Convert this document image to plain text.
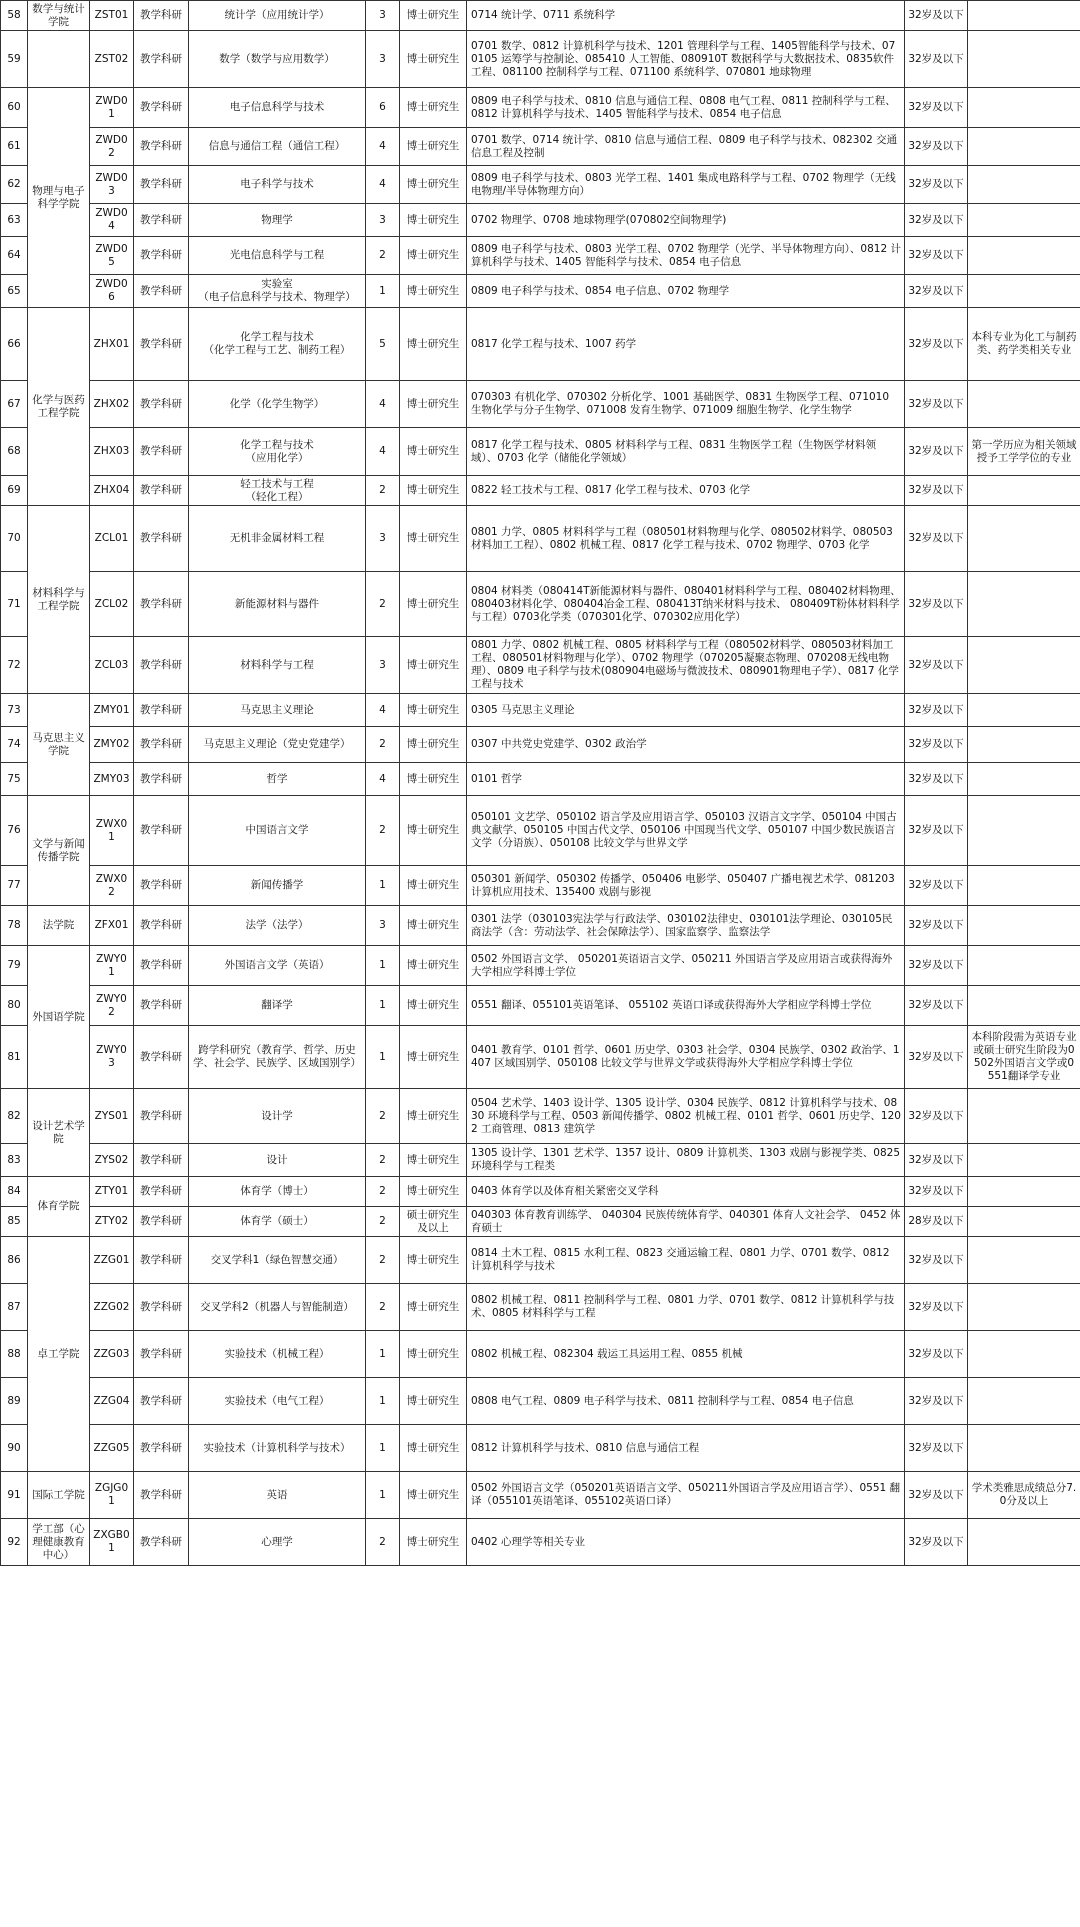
58	数学与统计学院	ZST01	教学科研	统计学（应用统计学）	3	博士研究生	0714 统计学、0711 系统科学	32岁及以下	
59		ZST02	教学科研	数学（数学与应用数学）	3	博士研究生	0701 数学、0812 计算机科学与技术、1201 管理科学与工程、1405智能科学与技术、070105 运筹学与控制论、085410 人工智能、080910T 数据科学与大数据技术、0835软件工程、081100 控制科学与工程、071100 系统科学、070801 地球物理	32岁及以下	
60	物理与电子科学学院	ZWD01	教学科研	电子信息科学与技术	6	博士研究生	0809 电子科学与技术、0810 信息与通信工程、0808 电气工程、0811 控制科学与工程、0812 计算机科学与技术、1405 智能科学与技术、0854 电子信息	32岁及以下	
61		ZWD02	教学科研	信息与通信工程（通信工程）	4	博士研究生	0701 数学、0714 统计学、0810 信息与通信工程、0809 电子科学与技术、082302 交通信息工程及控制	32岁及以下	
62		ZWD03	教学科研	电子科学与技术	4	博士研究生	0809 电子科学与技术、0803 光学工程、1401 集成电路科学与工程、0702 物理学（无线电物理/半导体物理方向）	32岁及以下	
63		ZWD04	教学科研	物理学	3	博士研究生	0702 物理学、0708 地球物理学(070802空间物理学)	32岁及以下	
64		ZWD05	教学科研	光电信息科学与工程	2	博士研究生	0809 电子科学与技术、0803 光学工程、0702 物理学（光学、半导体物理方向）、0812 计算机科学与技术、1405 智能科学与技术、0854 电子信息	32岁及以下	
65		ZWD06	教学科研	实验室
（电子信息科学与技术、物理学）	1	博士研究生	0809 电子科学与技术、0854 电子信息、0702 物理学	32岁及以下	
66	化学与医药工程学院	ZHX01	教学科研	化学工程与技术
（化学工程与工艺、制药工程）	5	博士研究生	0817 化学工程与技术、1007 药学	32岁及以下	本科专业为化工与制药类、药学类相关专业
67		ZHX02	教学科研	化学（化学生物学）	4	博士研究生	070303 有机化学、070302 分析化学、1001 基础医学、0831 生物医学工程、071010 生物化学与分子生物学、071008 发育生物学、071009 细胞生物学、化学生物学	32岁及以下	
68		ZHX03	教学科研	化学工程与技术
（应用化学）	4	博士研究生	0817 化学工程与技术、0805 材料科学与工程、0831 生物医学工程（生物医学材料领域）、0703 化学（储能化学领域）	32岁及以下	第一学历应为相关领域授予工学学位的专业
69		ZHX04	教学科研	轻工技术与工程
（轻化工程）	2	博士研究生	0822 轻工技术与工程、0817 化学工程与技术、0703 化学	32岁及以下	
70	材料科学与工程学院	ZCL01	教学科研	无机非金属材料工程	3	博士研究生	0801 力学、0805 材料科学与工程（080501材料物理与化学、080502材料学、080503材料加工工程）、0802 机械工程、0817 化学工程与技术、0702 物理学、0703 化学	32岁及以下	
71		ZCL02	教学科研	新能源材料与器件	2	博士研究生	0804 材料类（080414T新能源材料与器件、080401材料科学与工程、080402材料物理、080403材料化学、080404冶金工程、080413T纳米材料与技术、 080409T粉体材料科学与工程）0703化学类（070301化学、070302应用化学）	32岁及以下	
72		ZCL03	教学科研	材料科学与工程	3	博士研究生	0801 力学、0802 机械工程、0805 材料科学与工程（080502材料学、080503材料加工工程、080501材料物理与化学）、0702 物理学（070205凝聚态物理、070208无线电物理）、0809 电子科学与技术(080904电磁场与微波技术、080901物理电子学）、0817 化学工程与技术	32岁及以下	
73	马克思主义学院	ZMY01	教学科研	马克思主义理论	4	博士研究生	0305 马克思主义理论	32岁及以下	
74		ZMY02	教学科研	马克思主义理论（党史党建学）	2	博士研究生	0307 中共党史党建学、0302 政治学	32岁及以下	
75		ZMY03	教学科研	哲学	4	博士研究生	0101 哲学	32岁及以下	
76	文学与新闻传播学院	ZWX01	教学科研	中国语言文学	2	博士研究生	050101 文艺学、050102 语言学及应用语言学、050103 汉语言文字学、050104 中国古典文献学、050105 中国古代文学、050106 中国现当代文学、050107 中国少数民族语言文学（分语族）、050108 比较文学与世界文学	32岁及以下	
77		ZWX02	教学科研	新闻传播学	1	博士研究生	050301 新闻学、050302 传播学、050406 电影学、050407 广播电视艺术学、081203 计算机应用技术、135400 戏剧与影视	32岁及以下	
78	法学院	ZFX01	教学科研	法学（法学）	3	博士研究生	0301 法学（030103宪法学与行政法学、030102法律史、030101法学理论、030105民商法学（含：劳动法学、社会保障法学）、国家监察学、监察法学	32岁及以下	
79	外国语学院	ZWY01	教学科研	外国语言文学（英语）	1	博士研究生	0502 外国语言文学、 050201英语语言文学、050211 外国语言学及应用语言或获得海外大学相应学科博士学位	32岁及以下	
80		ZWY02	教学科研	翻译学	1	博士研究生	0551 翻译、055101英语笔译、 055102 英语口译或获得海外大学相应学科博士学位	32岁及以下	
81		ZWY03	教学科研	跨学科研究（教育学、哲学、历史学、社会学、民族学、区域国别学）	1	博士研究生	0401 教育学、0101 哲学、0601 历史学、0303 社会学、0304 民族学、0302 政治学、1407 区域国别学、050108 比较文学与世界文学或获得海外大学相应学科博士学位	32岁及以下	本科阶段需为英语专业或硕士研究生阶段为0502外国语言文学或0551翻译学专业
82	设计艺术学院	ZYS01	教学科研	设计学	2	博士研究生	0504 艺术学、1403 设计学、1305 设计学、0304 民族学、0812 计算机科学与技术、0830 环境科学与工程、0503 新闻传播学、0802 机械工程、0101 哲学、0601 历史学、1202 工商管理、0813 建筑学	32岁及以下	
83		ZYS02	教学科研	设计	2	博士研究生	1305 设计学、1301 艺术学、1357 设计、0809 计算机类、1303 戏剧与影视学类、0825 环境科学与工程类	32岁及以下	
84	体育学院	ZTY01	教学科研	体育学（博士）	2	博士研究生	0403 体育学以及体育相关紧密交叉学科	32岁及以下	
85		ZTY02	教学科研	体育学（硕士）	2	硕士研究生及以上	040303 体育教育训练学、 040304 民族传统体育学、040301 体育人文社会学、 0452 体育硕士	28岁及以下	
86	卓工学院	ZZG01	教学科研	交叉学科1（绿色智慧交通）	2	博士研究生	0814 土木工程、0815 水利工程、0823 交通运输工程、0801 力学、0701 数学、0812 计算机科学与技术	32岁及以下	
87		ZZG02	教学科研	交叉学科2（机器人与智能制造）	2	博士研究生	0802 机械工程、0811 控制科学与工程、0801 力学、0701 数学、0812 计算机科学与技术、0805 材料科学与工程	32岁及以下	
88		ZZG03	教学科研	实验技术（机械工程）	1	博士研究生	0802 机械工程、082304 载运工具运用工程、0855 机械	32岁及以下	
89		ZZG04	教学科研	实验技术（电气工程）	1	博士研究生	0808 电气工程、0809 电子科学与技术、0811 控制科学与工程、0854 电子信息	32岁及以下	
90		ZZG05	教学科研	实验技术（计算机科学与技术）	1	博士研究生	0812 计算机科学与技术、0810 信息与通信工程	32岁及以下	
91	国际工学院	ZGJG01	教学科研	英语	1	博士研究生	0502 外国语言文学（050201英语语言文学、050211外国语言学及应用语言学）、0551 翻译（055101英语笔译、055102英语口译）	32岁及以下	学术类雅思成绩总分7.0分及以上
92	学工部（心理健康教育中心）	ZXGB01	教学科研	心理学	2	博士研究生	0402 心理学等相关专业	32岁及以下	
